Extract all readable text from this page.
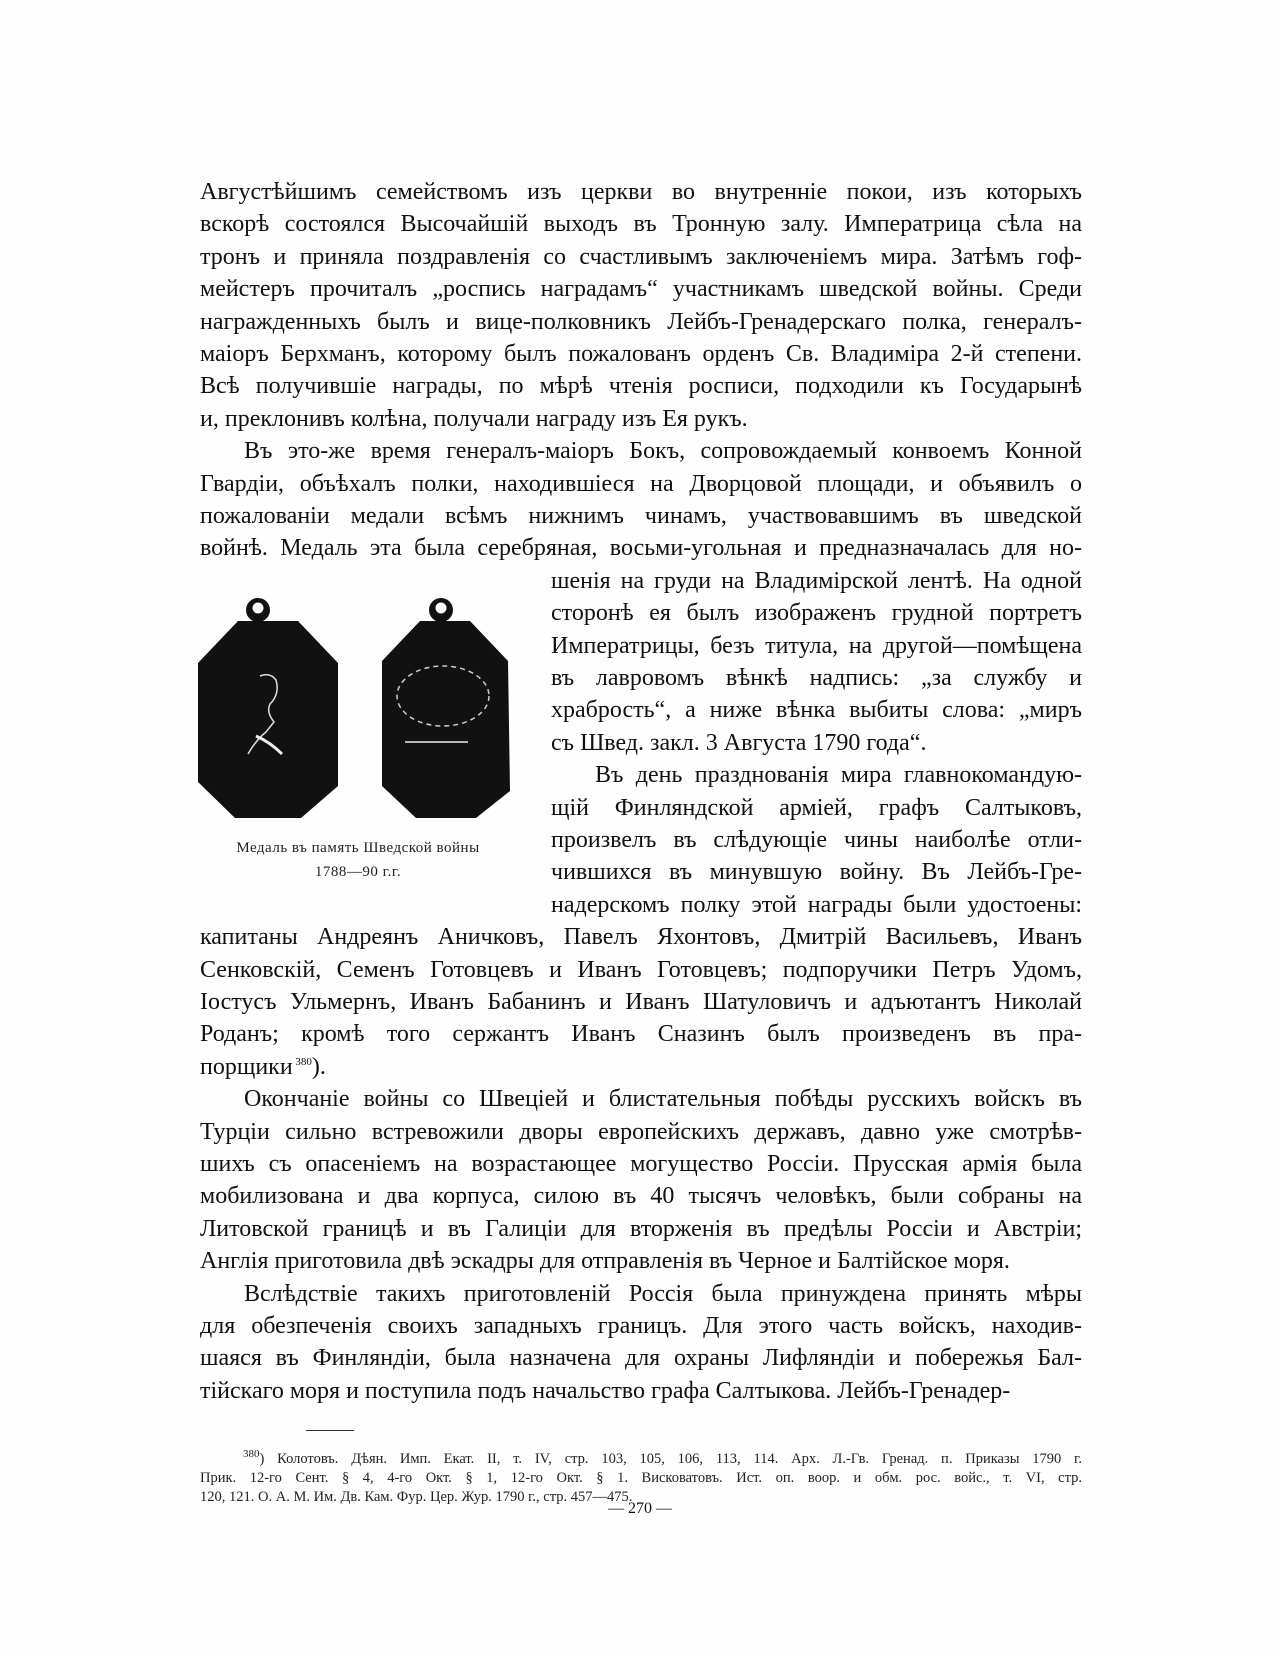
Августѣйшимъ семействомъ изъ церкви во внутренніе покои, изъ которыхъ
вскорѣ состоялся Высочайшій выходъ въ Тронную залу. Императрица сѣла на
тронъ и приняла поздравленія со счастливымъ заключеніемъ мира. Затѣмъ гоф-
мейстеръ прочиталъ „роспись наградамъ“ участникамъ шведской войны. Среди
награжденныхъ былъ и вице-полковникъ Лейбъ-Гренадерскаго полка, генералъ-
маіоръ Берхманъ, которому былъ пожалованъ орденъ Св. Владиміра 2-й степени.
Всѣ получившіе награды, по мѣрѣ чтенія росписи, подходили къ Государынѣ
и, преклонивъ колѣна, получали награду изъ Ея рукъ.
Въ это-же время генералъ-маіоръ Бокъ, сопровождаемый конвоемъ Конной
Гвардіи, объѣхалъ полки, находившіеся на Дворцовой площади, и объявилъ о
пожалованіи медали всѣмъ нижнимъ чинамъ, участвовавшимъ въ шведской
войнѣ. Медаль эта была серебряная, восьми-угольная и предназначалась для но-
шенія на груди на Владимірской лентѣ. На одной
сторонѣ ея былъ изображенъ грудной портретъ
Императрицы, безъ титула, на другой—помѣщена
въ лавровомъ вѣнкѣ надпись: „за службу и
храбрость“, а ниже вѣнка выбиты слова: „миръ
съ Швед. закл. 3 Августа 1790 года“.
Въ день празднованія мира главнокомандую-
щій Финляндской арміей, графъ Салтыковъ,
произвелъ въ слѣдующіе чины наиболѣе отли-
чившихся въ минувшую войну. Въ Лейбъ-Гре-
надерскомъ полку этой награды были удостоены:
капитаны Андреянъ Аничковъ, Павелъ Яхонтовъ, Дмитрій Васильевъ, Иванъ
Сенковскій, Семенъ Готовцевъ и Иванъ Готовцевъ; подпоручики Петръ Удомъ,
Іостусъ Ульмернъ, Иванъ Бабанинъ и Иванъ Шатуловичъ и адъютантъ Николай
Роданъ; кромѣ того сержантъ Иванъ Сназинъ былъ произведенъ въ пра-
порщики $^{380}$).
Окончаніе войны со Швеціей и блистательныя побѣды русскихъ войскъ въ
Турціи сильно встревожили дворы европейскихъ державъ, давно уже смотрѣв-
шихъ съ опасеніемъ на возрастающее могущество Россіи. Прусская армія была
мобилизована и два корпуса, силою въ 40 тысячъ человѣкъ, были собраны на
Литовской границѣ и въ Галиціи для вторженія въ предѣлы Россіи и Австріи;
Англія приготовила двѣ эскадры для отправленія въ Черное и Балтійское моря.
Вслѣдствіе такихъ приготовленій Россія была принуждена принять мѣры
для обезпеченія своихъ западныхъ границъ. Для этого часть войскъ, находив-
шаяся въ Финляндіи, была назначена для охраны Лифляндіи и побережья Бал-
тійскаго моря и поступила подъ начальство графа Салтыкова. Лейбъ-Гренадер-
Медаль въ память Шведской войны
1788—90 г.г.
$^{380}$) Колотовъ. Дѣян. Имп. Екат. II, т. IV, стр. 103, 105, 106, 113, 114. Арх. Л.-Гв. Гренад. п. Приказы 1790 г.
Прик. 12-го Сент. § 4, 4-го Окт. § 1, 12-го Окт. § 1. Висковатовъ. Ист. оп. воор. и обм. рос. войс., т. VI, стр.
120, 121. О. А. М. Им. Дв. Кам. Фур. Цер. Жур. 1790 г., стр. 457—475.
— 270 —
